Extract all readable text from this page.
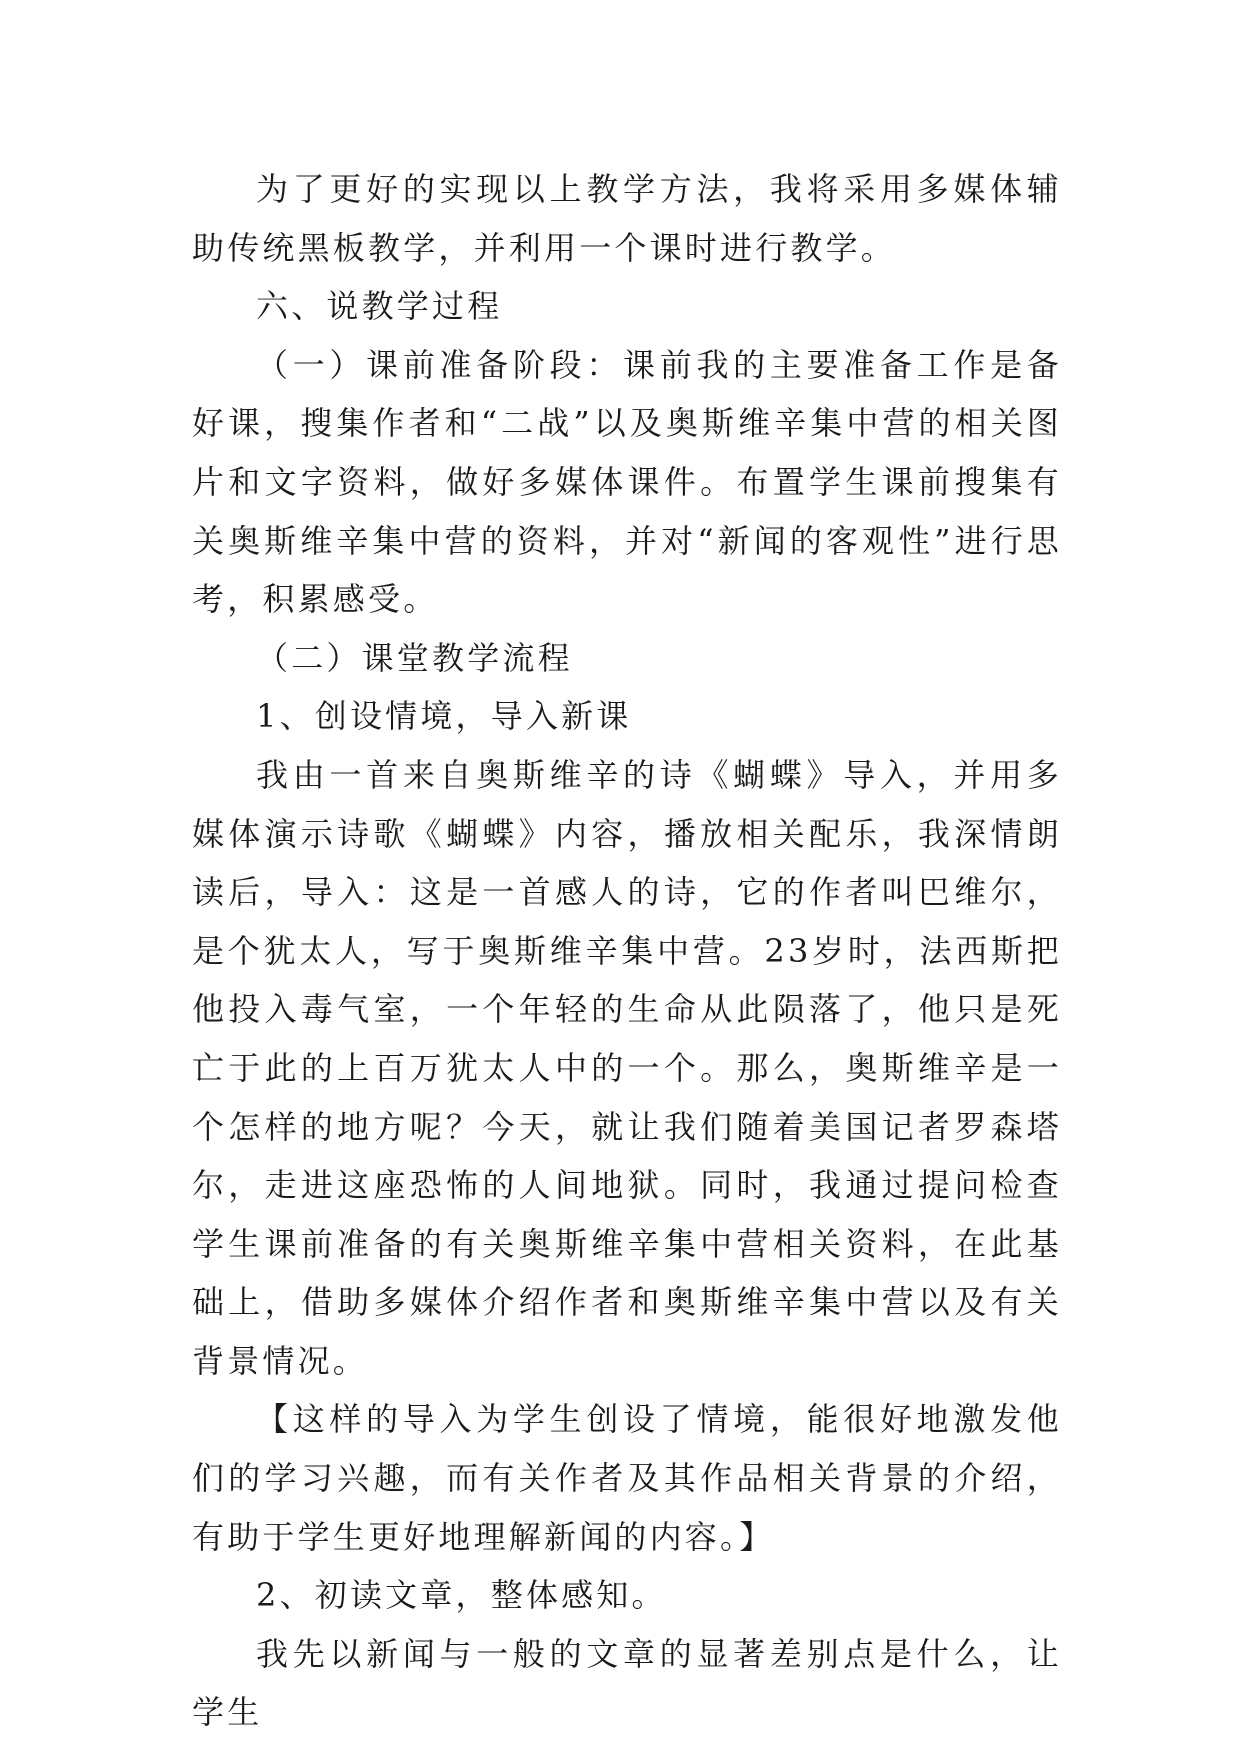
为了更好的实现以上教学方法，我将采用多媒体辅助传统黑板教学，并利用一个课时进行教学。

六、说教学过程

（一）课前准备阶段：课前我的主要准备工作是备好课，搜集作者和“二战”以及奥斯维辛集中营的相关图片和文字资料，做好多媒体课件。布置学生课前搜集有关奥斯维辛集中营的资料，并对“新闻的客观性”进行思考，积累感受。

（二）课堂教学流程

1、创设情境，导入新课

我由一首来自奥斯维辛的诗《蝴蝶》导入，并用多媒体演示诗歌《蝴蝶》内容，播放相关配乐，我深情朗读后，导入：这是一首感人的诗，它的作者叫巴维尔，是个犹太人，写于奥斯维辛集中营。23岁时，法西斯把他投入毒气室，一个年轻的生命从此陨落了，他只是死亡于此的上百万犹太人中的一个。那么，奥斯维辛是一个怎样的地方呢？今天，就让我们随着美国记者罗森塔尔，走进这座恐怖的人间地狱。同时，我通过提问检查学生课前准备的有关奥斯维辛集中营相关资料，在此基础上，借助多媒体介绍作者和奥斯维辛集中营以及有关背景情况。

【这样的导入为学生创设了情境，能很好地激发他们的学习兴趣，而有关作者及其作品相关背景的介绍，有助于学生更好地理解新闻的内容。】

2、初读文章，整体感知。

我先以新闻与一般的文章的显著差别点是什么，让学生
